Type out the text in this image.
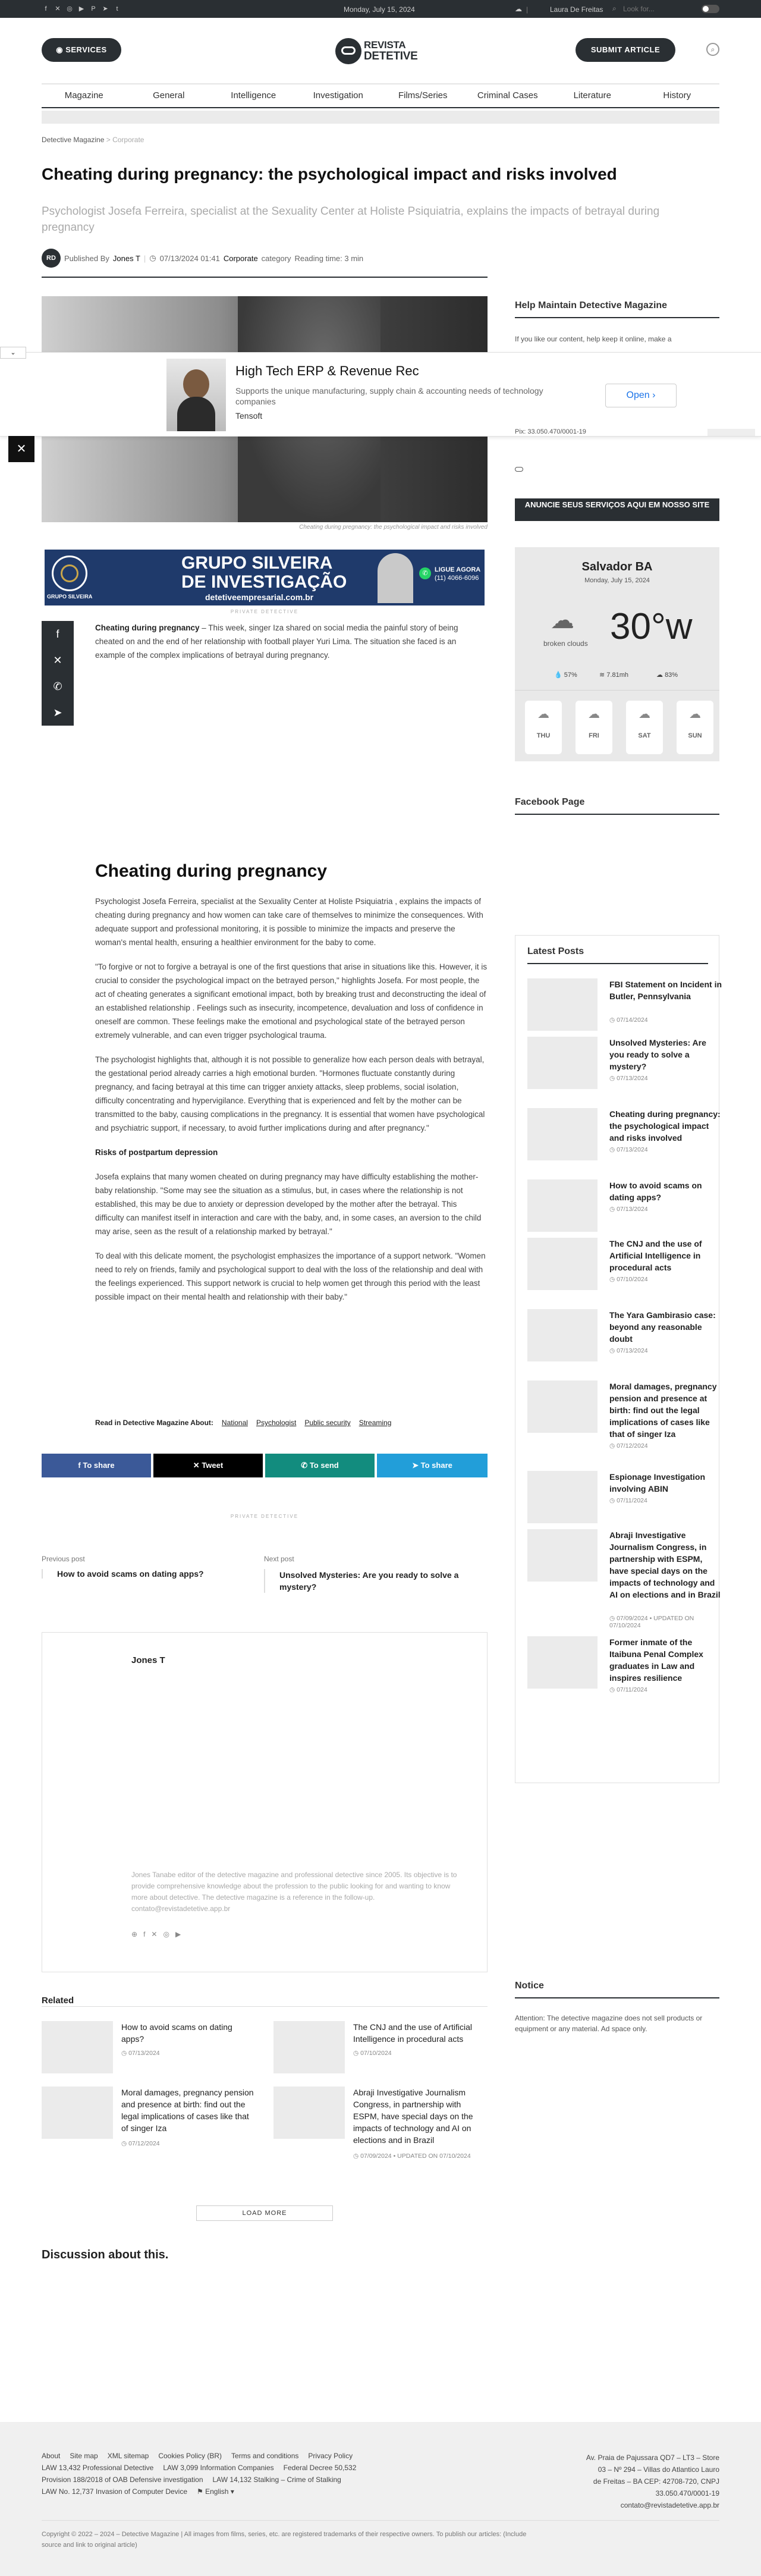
f	✕ ◎ ▶	P	➤	t	Monday, July 15, 2024	☁ |	Laura De Freitas ⌕
Look for...
◉ SERVICES	REVISTA
DETETIVE
SUBMIT ARTICLE	⌕
Magazine	General	Intelligence	Investigation	Films/Series	Criminal Cases	Literature	History
Detective Magazine > Corporate
Cheating during pregnancy: the psychological impact and risks involved
Psychologist Josefa Ferreira, specialist at the Sexuality Center at Holiste Psiquiatria, explains the impacts of betrayal during pregnancy
RD	Published By Jones T | ◷ 07/13/2024 01:41 Corporate category Reading time: 3 min
Cheating during pregnancy: the psychological impact and risks involved
Help Maintain Detective Magazine
If you like our content, help keep it online, make a
⌄
High Tech ERP & Revenue Rec
Supports the unique manufacturing, supply chain & accounting needs of technology companies
Tensoft
Open ›
✕
Pix: 33.050.470/0001-19
ANUNCIE SEUS SERVIÇOS AQUI EM NOSSO SITE
Salvador BA
Monday, July 15, 2024
☁
broken clouds 30°w
💧 57%	≋ 7.81mh	☁ 83%
☁
THU
☁
FRI
☁
SAT
☁
SUN
Facebook Page
GRUPO SILVEIRA
GRUPO SILVEIRA
DE INVESTIGAÇÃO
detetiveempresarial.com.br
✆	LIGUE AGORA
(11) 4066-6096
PRIVATE DETECTIVE
f
✕
✆
➤
Cheating during pregnancy – This week, singer Iza shared on social media the painful story of being cheated on and the end of her relationship with football player Yuri Lima. The situation she faced is an example of the complex implications of betrayal during pregnancy.
Cheating during pregnancy

Psychologist Josefa Ferreira, specialist at the Sexuality Center at Holiste Psiquiatria , explains the impacts of cheating during pregnancy and how women can take care of themselves to minimize the consequences. With adequate support and professional monitoring, it is possible to minimize the impacts and preserve the woman's mental health, ensuring a healthier environment for the baby to come.

"To forgive or not to forgive a betrayal is one of the first questions that arise in situations like this. However, it is crucial to consider the psychological impact on the betrayed person," highlights Josefa. For most people, the act of cheating generates a significant emotional impact, both by breaking trust and deconstructing the ideal of an established relationship . Feelings such as insecurity, incompetence, devaluation and loss of confidence in oneself are common. These feelings make the emotional and psychological state of the betrayed person extremely vulnerable, and can even trigger psychological trauma.

The psychologist highlights that, although it is not possible to generalize how each person deals with betrayal, the gestational period already carries a high emotional burden. "Hormones fluctuate constantly during pregnancy, and facing betrayal at this time can trigger anxiety attacks, sleep problems, social isolation, difficulty concentrating and hypervigilance. Everything that is experienced and felt by the mother can be transmitted to the baby, causing complications in the pregnancy. It is essential that women have psychological and psychiatric support, if necessary, to avoid further implications during and after pregnancy."

Risks of postpartum depression

Josefa explains that many women cheated on during pregnancy may have difficulty establishing the mother-baby relationship. "Some may see the situation as a stimulus, but, in cases where the relationship is not established, this may be due to anxiety or depression developed by the mother after the betrayal. This difficulty can manifest itself in interaction and care with the baby, and, in some cases, an aversion to the child may arise, seen as the result of a relationship marked by betrayal."

To deal with this delicate moment, the psychologist emphasizes the importance of a support network. "Women need to rely on friends, family and psychological support to deal with the loss of the relationship and deal with the feelings experienced. This support network is crucial to help women get through this period with the least possible impact on their mental health and relationship with their baby."

Read in Detective Magazine About: National Psychologist Public security Streaming
f To share	✕ Tweet	✆ To send	➤ To share
PRIVATE DETECTIVE
Previous post
How to avoid scams on dating apps?
Next post
Unsolved Mysteries: Are you ready to solve a mystery?
Jones T
Jones Tanabe editor of the detective magazine and professional detective since 2005. Its objective is to provide comprehensive knowledge about the profession to the public looking for and wanting to know more about detective. The detective magazine is a reference in the follow-up. contato@revistadetetive.app.br
⊕ f ✕ ◎ ▶
Related
How to avoid scams on dating apps?
◷ 07/13/2024
The CNJ and the use of Artificial Intelligence in procedural acts
◷ 07/10/2024
Moral damages, pregnancy pension and presence at birth: find out the legal implications of cases like that of singer Iza
◷ 07/12/2024
Abraji Investigative Journalism Congress, in partnership with ESPM, have special days on the impacts of technology and AI on elections and in Brazil
◷ 07/09/2024 • UPDATED ON 07/10/2024
LOAD MORE
Discussion about this.
Latest Posts
FBI Statement on Incident in Butler, Pennsylvania
◷ 07/14/2024
Unsolved Mysteries: Are you ready to solve a mystery?
◷ 07/13/2024
Cheating during pregnancy: the psychological impact and risks involved
◷ 07/13/2024
How to avoid scams on dating apps?
◷ 07/13/2024
The CNJ and the use of Artificial Intelligence in procedural acts
◷ 07/10/2024
The Yara Gambirasio case: beyond any reasonable doubt
◷ 07/13/2024
Moral damages, pregnancy pension and presence at birth: find out the legal implications of cases like that of singer Iza
◷ 07/12/2024
Espionage Investigation involving ABIN
◷ 07/11/2024
Abraji Investigative Journalism Congress, in partnership with ESPM, have special days on the impacts of technology and AI on elections and in Brazil
◷ 07/09/2024 • UPDATED ON 07/10/2024
Former inmate of the Itaibuna Penal Complex graduates in Law and inspires resilience
◷ 07/11/2024
Notice
Attention: The detective magazine does not sell products or equipment or any material. Ad space only.
About Site map XML sitemap Cookies Policy (BR) Terms and conditions Privacy Policy
LAW 13,432 Professional Detective LAW 3,099 Information Companies Federal Decree 50,532
Provision 188/2018 of OAB Defensive investigation LAW 14,132 Stalking – Crime of Stalking
LAW No. 12,737 Invasion of Computer Device ⚑ English ▾
Av. Praia de Pajussara QD7 – LT3 – Store
03 – Nº 294 – Villas do Atlantico Lauro
de Freitas – BA CEP: 42708-720, CNPJ
33.050.470/0001-19
contato@revistadetetive.app.br
Copyright © 2022 – 2024 – Detective Magazine | All images from films, series, etc. are registered trademarks of their respective owners. To publish our articles: (Include source and link to original article)
